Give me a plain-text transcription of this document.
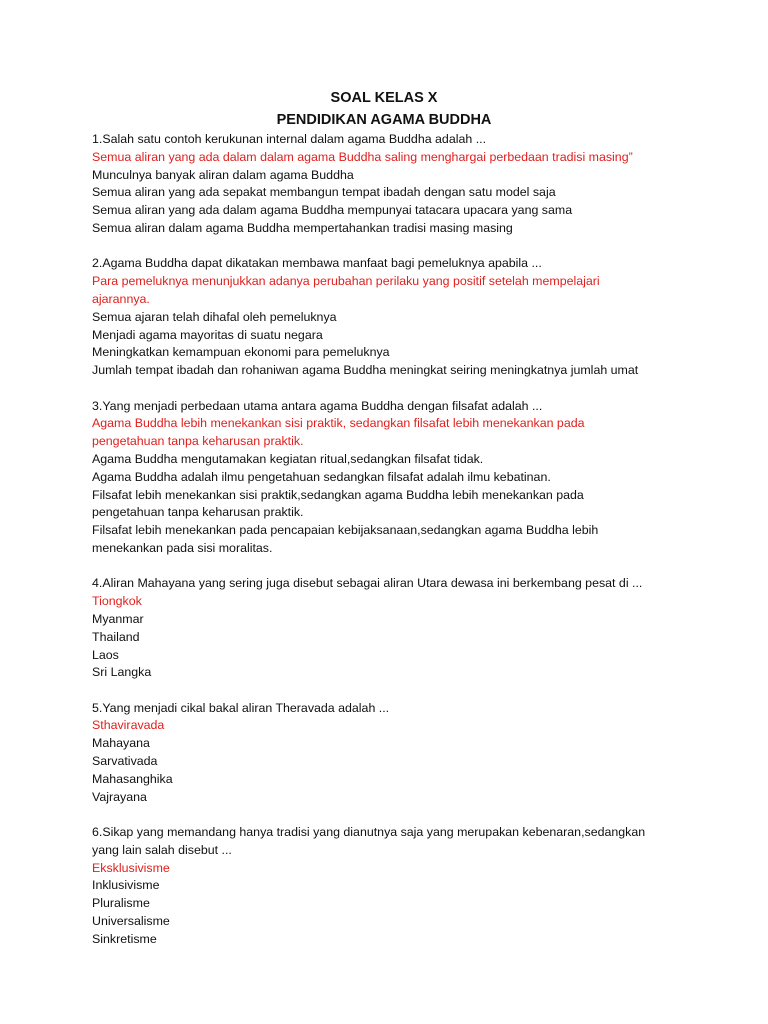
SOAL KELAS X
PENDIDIKAN AGAMA BUDDHA
1.Salah satu contoh kerukunan internal dalam agama Buddha adalah ...
Semua aliran yang ada dalam dalam agama Buddha saling menghargai perbedaan tradisi masing”
Munculnya banyak aliran dalam agama Buddha
Semua aliran yang ada sepakat membangun tempat ibadah dengan satu model saja
Semua aliran yang ada dalam agama Buddha mempunyai tatacara upacara yang sama
Semua aliran dalam agama Buddha mempertahankan tradisi masing masing
2.Agama Buddha dapat dikatakan membawa manfaat bagi pemeluknya apabila ...
Para pemeluknya menunjukkan adanya perubahan perilaku yang positif setelah mempelajari
ajarannya.
Semua ajaran telah dihafal oleh pemeluknya
Menjadi agama mayoritas di suatu negara
Meningkatkan kemampuan ekonomi para pemeluknya
Jumlah tempat ibadah dan rohaniwan agama Buddha meningkat seiring meningkatnya jumlah umat
3.Yang menjadi perbedaan utama antara agama Buddha dengan filsafat adalah ...
Agama Buddha lebih menekankan sisi praktik, sedangkan filsafat lebih menekankan pada
pengetahuan tanpa keharusan praktik.
Agama Buddha mengutamakan kegiatan ritual,sedangkan filsafat tidak.
Agama Buddha adalah ilmu pengetahuan sedangkan filsafat adalah ilmu kebatinan.
Filsafat lebih menekankan sisi praktik,sedangkan agama Buddha lebih menekankan pada
pengetahuan tanpa keharusan praktik.
Filsafat lebih menekankan pada pencapaian kebijaksanaan,sedangkan agama Buddha lebih
menekankan pada sisi moralitas.
4.Aliran Mahayana yang sering juga disebut sebagai aliran Utara dewasa ini berkembang pesat di ...
Tiongkok
Myanmar
Thailand
Laos
Sri Langka
5.Yang menjadi cikal bakal aliran Theravada adalah ...
Sthaviravada
Mahayana
Sarvativada
Mahasanghika
Vajrayana
6.Sikap yang memandang hanya tradisi yang dianutnya saja yang merupakan kebenaran,sedangkan
yang lain salah disebut ...
Eksklusivisme
Inklusivisme
Pluralisme
Universalisme
Sinkretisme
